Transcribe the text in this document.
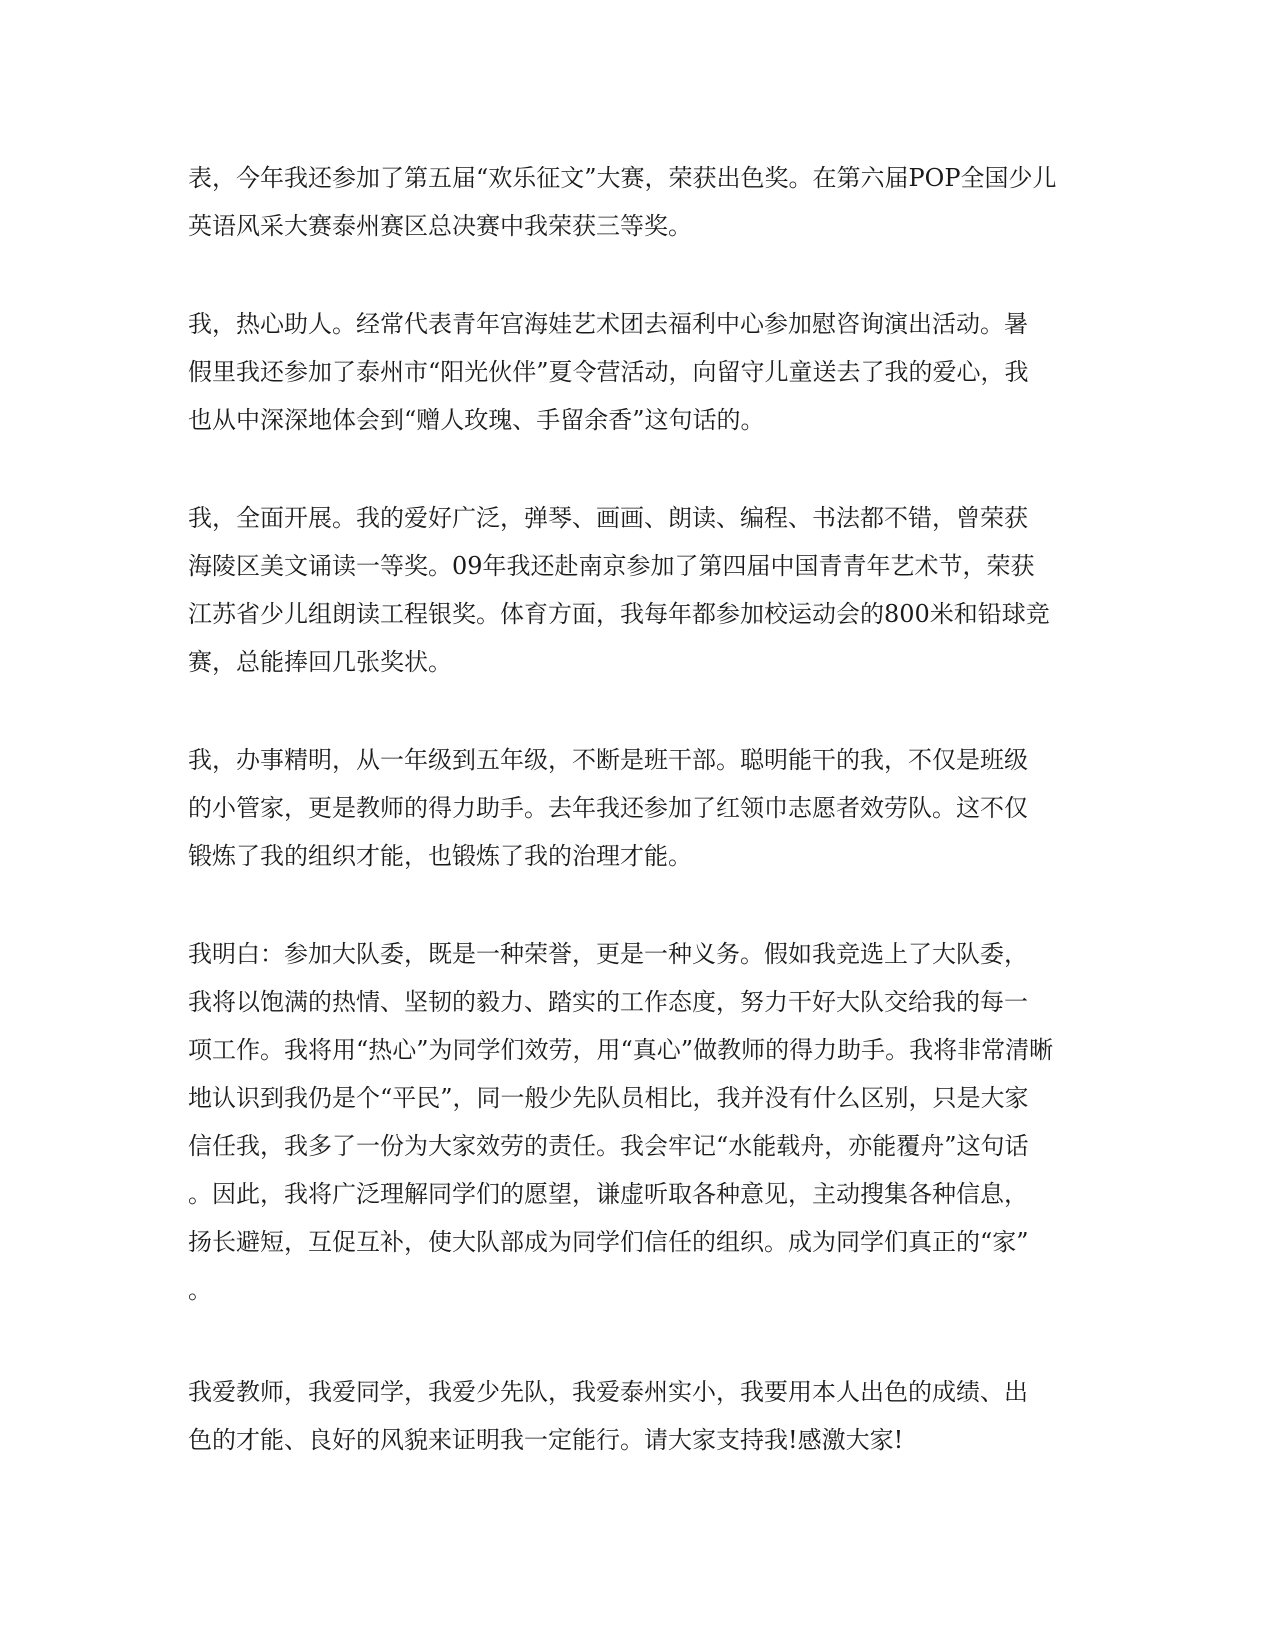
表，今年我还参加了第五届“欢乐征文”大赛，荣获出色奖。在第六届POP全国少儿
英语风采大赛泰州赛区总决赛中我荣获三等奖。

我，热心助人。经常代表青年宫海娃艺术团去福利中心参加慰咨询演出活动。暑
假里我还参加了泰州市“阳光伙伴”夏令营活动，向留守儿童送去了我的爱心，我
也从中深深地体会到“赠人玫瑰、手留余香”这句话的。

我，全面开展。我的爱好广泛，弹琴、画画、朗读、编程、书法都不错，曾荣获
海陵区美文诵读一等奖。09年我还赴南京参加了第四届中国青青年艺术节，荣获
江苏省少儿组朗读工程银奖。体育方面，我每年都参加校运动会的800米和铅球竞
赛，总能捧回几张奖状。

我，办事精明，从一年级到五年级，不断是班干部。聪明能干的我，不仅是班级
的小管家，更是教师的得力助手。去年我还参加了红领巾志愿者效劳队。这不仅
锻炼了我的组织才能，也锻炼了我的治理才能。

我明白：参加大队委，既是一种荣誉，更是一种义务。假如我竞选上了大队委，
我将以饱满的热情、坚韧的毅力、踏实的工作态度，努力干好大队交给我的每一
项工作。我将用“热心”为同学们效劳，用“真心”做教师的得力助手。我将非常清晰
地认识到我仍是个“平民”，同一般少先队员相比，我并没有什么区别，只是大家
信任我，我多了一份为大家效劳的责任。我会牢记“水能载舟，亦能覆舟”这句话
。因此，我将广泛理解同学们的愿望，谦虚听取各种意见，主动搜集各种信息，
扬长避短，互促互补，使大队部成为同学们信任的组织。成为同学们真正的“家”
。

我爱教师，我爱同学，我爱少先队，我爱泰州实小，我要用本人出色的成绩、出
色的才能、良好的风貌来证明我一定能行。请大家支持我!感激大家!
